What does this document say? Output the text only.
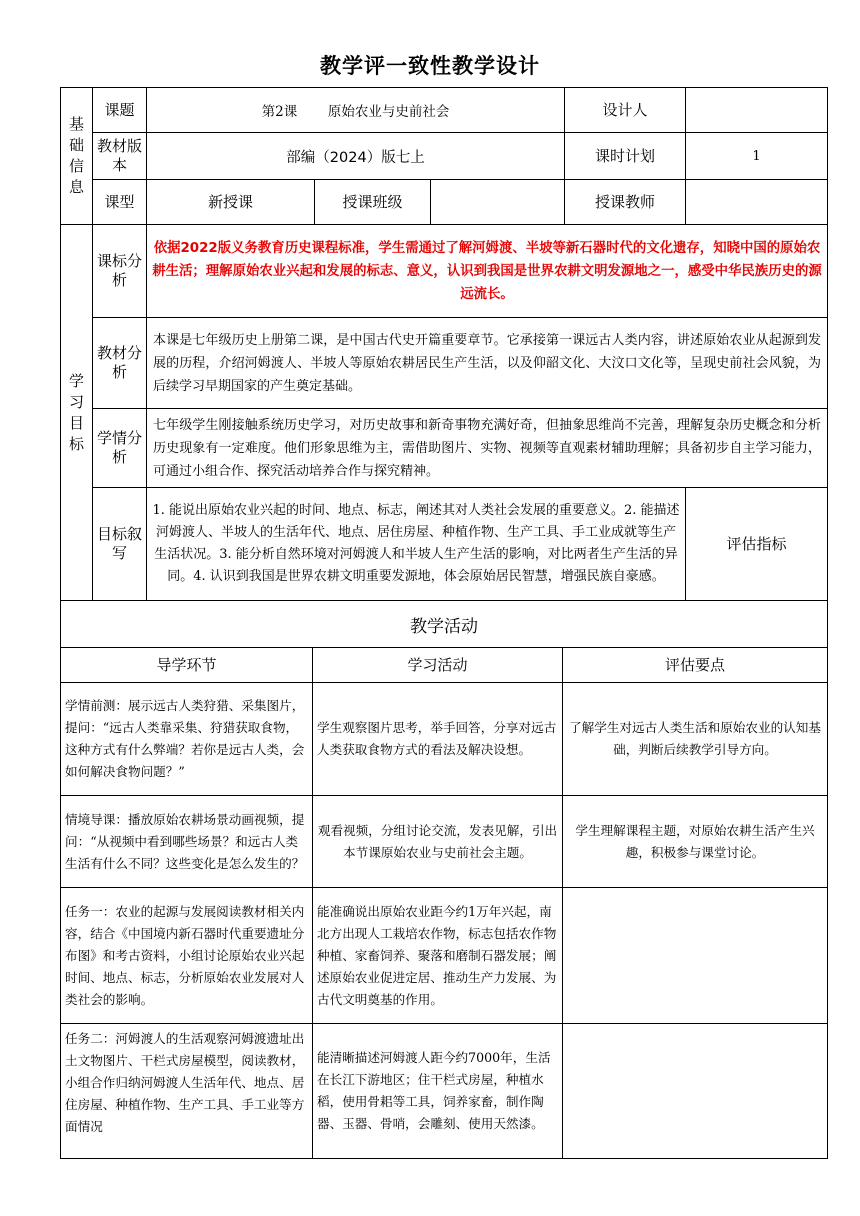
教学评一致性教学设计
基
础
信
息	课题	第2课 原始农业与史前社会			设计人	
	教材版本	部编（2024）版七上			课时计划	1
	课型	新授课	授课班级		授课教师	

学
习
目
标	课标分析	依据2022版义务教育历史课程标准，学生需通过了解河姆渡、半坡等新石器时代的文化遗存，知晓中国的原始农耕生活；理解原始农业兴起和发展的标志、意义，认识到我国是世界农耕文明发源地之一，感受中华民族历史的源远流长。				
	教材分析	本课是七年级历史上册第二课，是中国古代史开篇重要章节。它承接第一课远古人类内容，讲述原始农业从起源到发展的历程，介绍河姆渡人、半坡人等原始农耕居民生产生活，以及仰韶文化、大汶口文化等，呈现史前社会风貌，为后续学习早期国家的产生奠定基础。				
	学情分析	七年级学生刚接触系统历史学习，对历史故事和新奇事物充满好奇，但抽象思维尚不完善，理解复杂历史概念和分析历史现象有一定难度。他们形象思维为主，需借助图片、实物、视频等直观素材辅助理解；具备初步自主学习能力，可通过小组合作、探究活动培养合作与探究精神。				
	目标叙写	1. 能说出原始农业兴起的时间、地点、标志，阐述其对人类社会发展的重要意义。2. 能描述河姆渡人、半坡人的生活年代、地点、居住房屋、种植作物、生产工具、手工业成就等生产生活状况。3. 能分析自然环境对河姆渡人和半坡人生产生活的影响，对比两者生产生活的异同。4. 认识到我国是世界农耕文明重要发源地，体会原始居民智慧，增强民族自豪感。				评估指标
教学活动		
导学环节	学习活动	评估要点
学情前测：展示远古人类狩猎、采集图片，提问：“远古人类靠采集、狩猎获取食物，这种方式有什么弊端？若你是远古人类，会如何解决食物问题？”	学生观察图片思考，举手回答，分享对远古人类获取食物方式的看法及解决设想。	了解学生对远古人类生活和原始农业的认知基础，判断后续教学引导方向。
情境导课：播放原始农耕场景动画视频，提问：“从视频中看到哪些场景？和远古人类生活有什么不同？这些变化是怎么发生的？	观看视频，分组讨论交流，发表见解，引出本节课原始农业与史前社会主题。	学生理解课程主题，对原始农耕生活产生兴趣，积极参与课堂讨论。
任务一：农业的起源与发展阅读教材相关内容，结合《中国境内新石器时代重要遗址分布图》和考古资料，小组讨论原始农业兴起时间、地点、标志，分析原始农业发展对人类社会的影响。	能准确说出原始农业距今约1万年兴起，南北方出现人工栽培农作物，标志包括农作物种植、家畜饲养、聚落和磨制石器发展；阐述原始农业促进定居、推动生产力发展、为古代文明奠基的作用。	
任务二：河姆渡人的生活观察河姆渡遗址出土文物图片、干栏式房屋模型，阅读教材，小组合作归纳河姆渡人生活年代、地点、居住房屋、种植作物、生产工具、手工业等方面情况	能清晰描述河姆渡人距今约7000年，生活在长江下游地区；住干栏式房屋，种植水稻，使用骨耜等工具，饲养家畜，制作陶器、玉器、骨哨，会雕刻、使用天然漆。	
